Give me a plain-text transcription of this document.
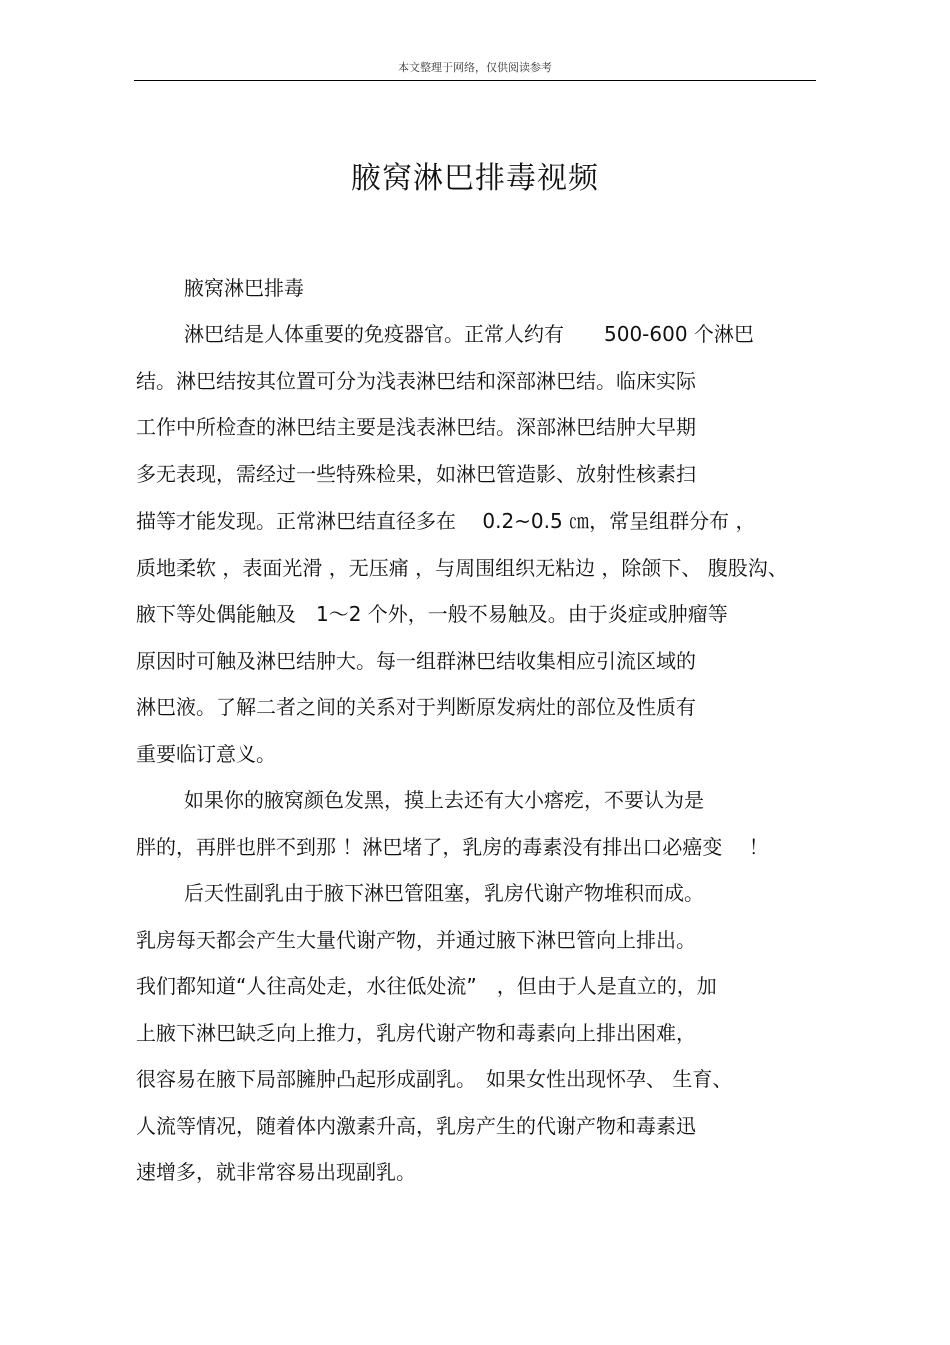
本文整理于网络，仅供阅读参考
腋窝淋巴排毒视频
腋窝淋巴排毒
淋巴结是人体重要的免疫器官。正常人约有　　500-600 个淋巴
结。淋巴结按其位置可分为浅表淋巴结和深部淋巴结。临床实际
工作中所检查的淋巴结主要是浅表淋巴结。深部淋巴结肿大早期
多无表现，需经过一些特殊检果，如淋巴管造影、放射性核素扫
描等才能发现。正常淋巴结直径多在　 0.2~0.5 ㎝，常呈组群分布 ，
质地柔软 ，表面光滑 ，无压痛 ，与周围组织无粘边 ，除颌下、 腹股沟、
腋下等处偶能触及　1～2 个外，一般不易触及。由于炎症或肿瘤等
原因时可触及淋巴结肿大。每一组群淋巴结收集相应引流区域的
淋巴液。了解二者之间的关系对于判断原发病灶的部位及性质有
重要临订意义。
如果你的腋窝颜色发黑，摸上去还有大小瘩疙，不要认为是
胖的，再胖也胖不到那 ！淋巴堵了，乳房的毒素没有排出口必癌变　 ！
后天性副乳由于腋下淋巴管阻塞，乳房代谢产物堆积而成。
乳房每天都会产生大量代谢产物，并通过腋下淋巴管向上排出。
我们都知道“人往高处走，水往低处流”　，但由于人是直立的，加
上腋下淋巴缺乏向上推力，乳房代谢产物和毒素向上排出困难，
很容易在腋下局部臃肿凸起形成副乳。　如果女性出现怀孕、 生育、
人流等情况，随着体内激素升高，乳房产生的代谢产物和毒素迅
速增多，就非常容易出现副乳。
